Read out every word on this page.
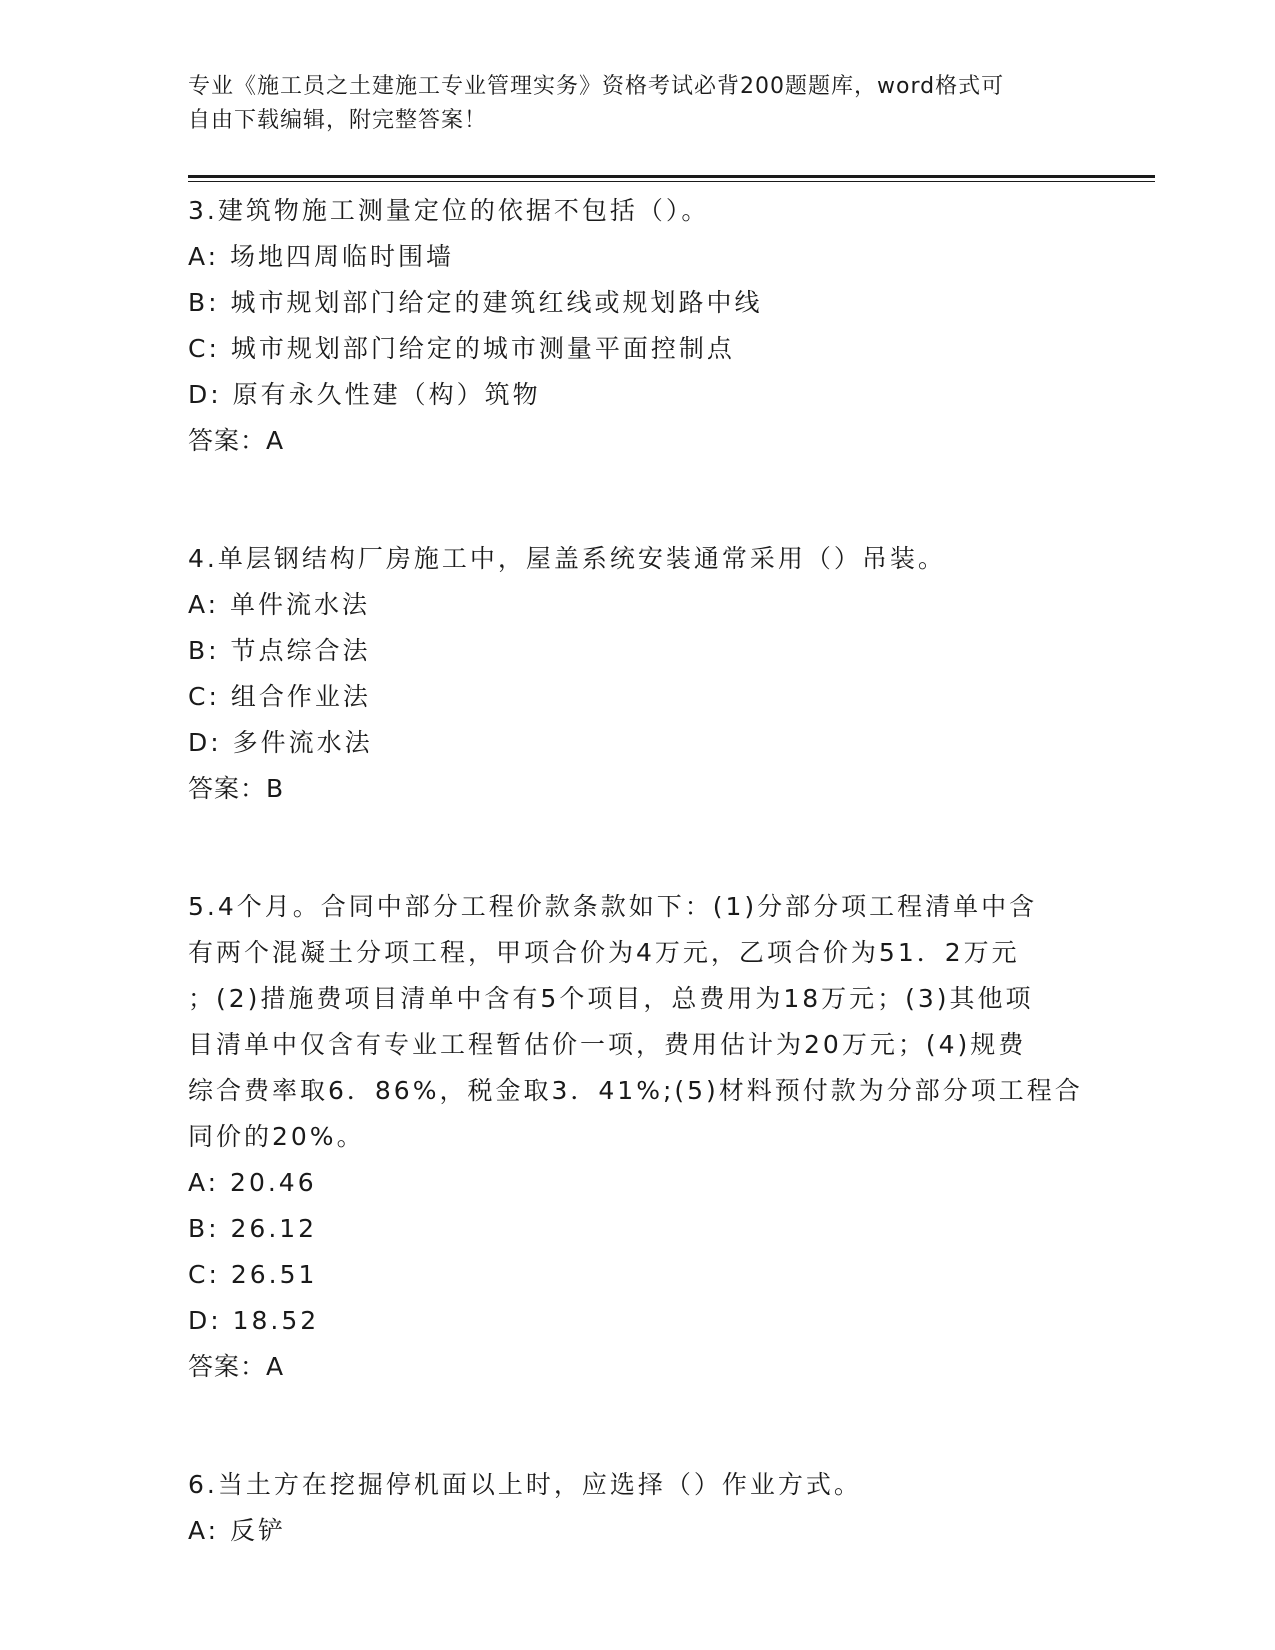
专业《施工员之土建施工专业管理实务》资格考试必背200题题库，word格式可
自由下载编辑，附完整答案！

3.建筑物施工测量定位的依据不包括（）。

A: 场地四周临时围墙

B: 城市规划部门给定的建筑红线或规划路中线

C: 城市规划部门给定的城市测量平面控制点

D: 原有永久性建（构）筑物

答案：A

4.单层钢结构厂房施工中，屋盖系统安装通常采用（）吊装。

A: 单件流水法

B: 节点综合法

C: 组合作业法

D: 多件流水法

答案：B

5.4个月。合同中部分工程价款条款如下：(1)分部分项工程清单中含

有两个混凝土分项工程，甲项合价为4万元，乙项合价为51．2万元

；(2)措施费项目清单中含有5个项目，总费用为18万元；(3)其他项

目清单中仅含有专业工程暂估价一项，费用估计为20万元；(4)规费

综合费率取6．86%，税金取3．41%;(5)材料预付款为分部分项工程合

同价的20%。

A: 20.46

B: 26.12

C: 26.51

D: 18.52

答案：A

6.当土方在挖掘停机面以上时，应选择（）作业方式。

A: 反铲
